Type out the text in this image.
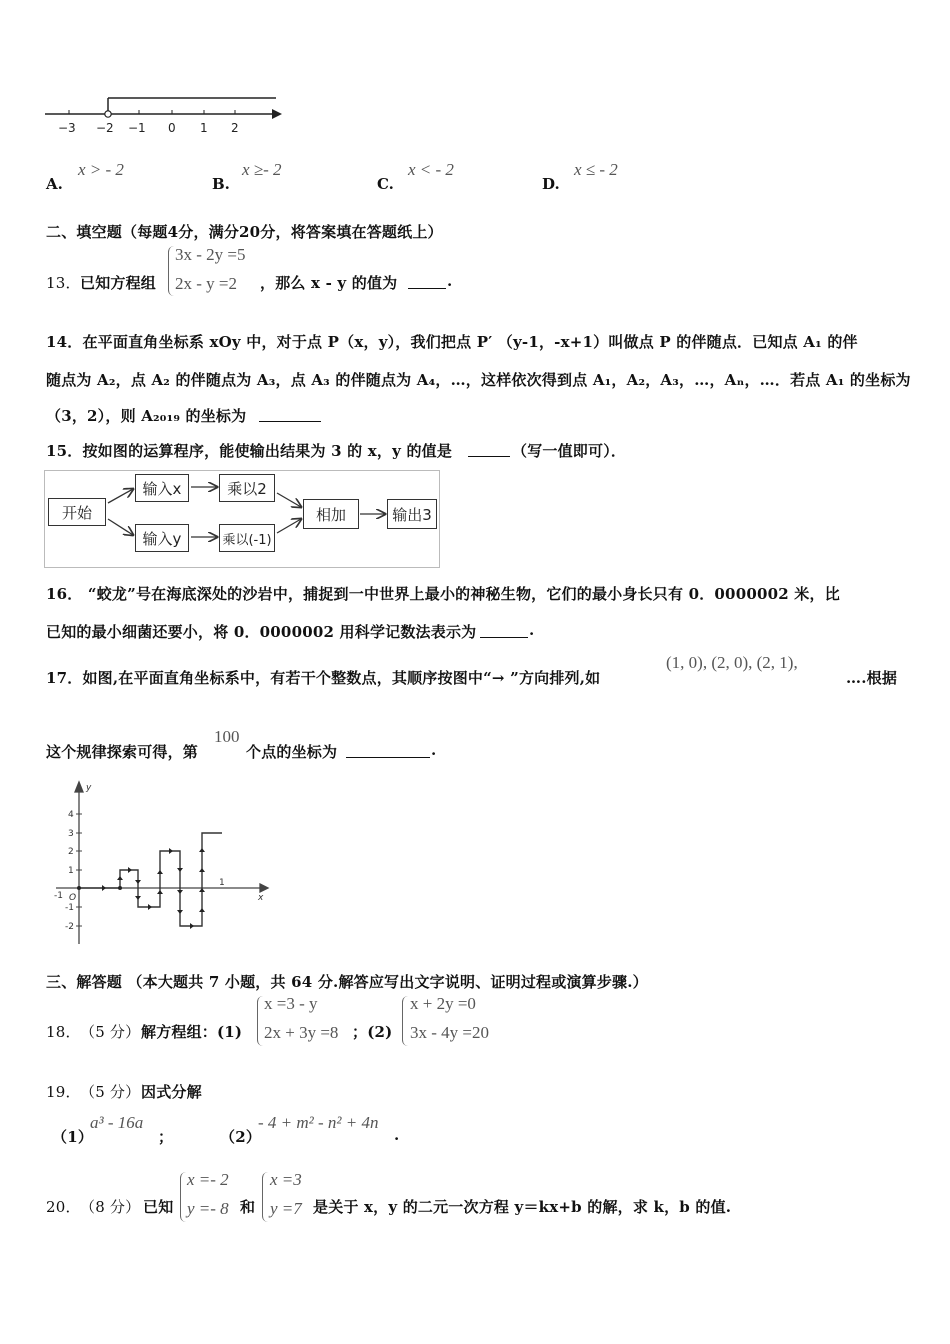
−3 −2 −1 0 1 2
A.
x > - 2
B.
x ≥- 2
C.
x < - 2
D.
x ≤ - 2
二、填空题（每题4分，满分20分，将答案填在答题纸上）
13． 已知方程组
3x - 2y =5
2x - y =2 ，那么 x - y 的值为	.
14．在平面直角坐标系 xOy 中，对于点 P（x，y），我们把点 P′ （y-1，-x+1）叫做点 P 的伴随点．已知点 A₁ 的伴
随点为 A₂，点 A₂ 的伴随点为 A₃，点 A₃ 的伴随点为 A₄，…，这样依次得到点 A₁，A₂，A₃，…，Aₙ，…．若点 A₁ 的坐标为
（3，2），则 A₂₀₁₉ 的坐标为
15．按如图的运算程序，能使输出结果为 3 的 x，y 的值是	（写一值即可）．
开始
输入x	乘以2
输入y	乘以(-1)
相加	输出3
16． “蛟龙”号在海底深处的沙岩中，捕捉到一中世界上最小的神秘生物，它们的最小身长只有 0．0000002 米，比
已知的最小细菌还要小，将 0．0000002 用科学记数法表示为	.
17．如图,在平面直角坐标系中，有若干个整数点，其顺序按图中“→ ”方向排列,如
(1, 0), (2, 0), (2, 1),
….根据
这个规律探索可得，第
100
个点的坐标为	.
4
3
2
1
-1
-2
-1 O
1
y
x
三、解答题 （本大题共 7 小题，共 64 分.解答应写出文字说明、证明过程或演算步骤.）
18． （5 分） 解方程组：(1)
x =3 - y
2x + 3y =8 ；(2)
x + 2y =0
3x - 4y =20
19． （5 分） 因式分解
（1）
a³ - 16a
；	（2）
- 4 + m² - n² + 4n
.
20． （8 分） 已知
x =- 2
y =- 8 和
x =3
y =7 是关于 x，y 的二元一次方程 y＝kx+b 的解，求 k，b 的值.
